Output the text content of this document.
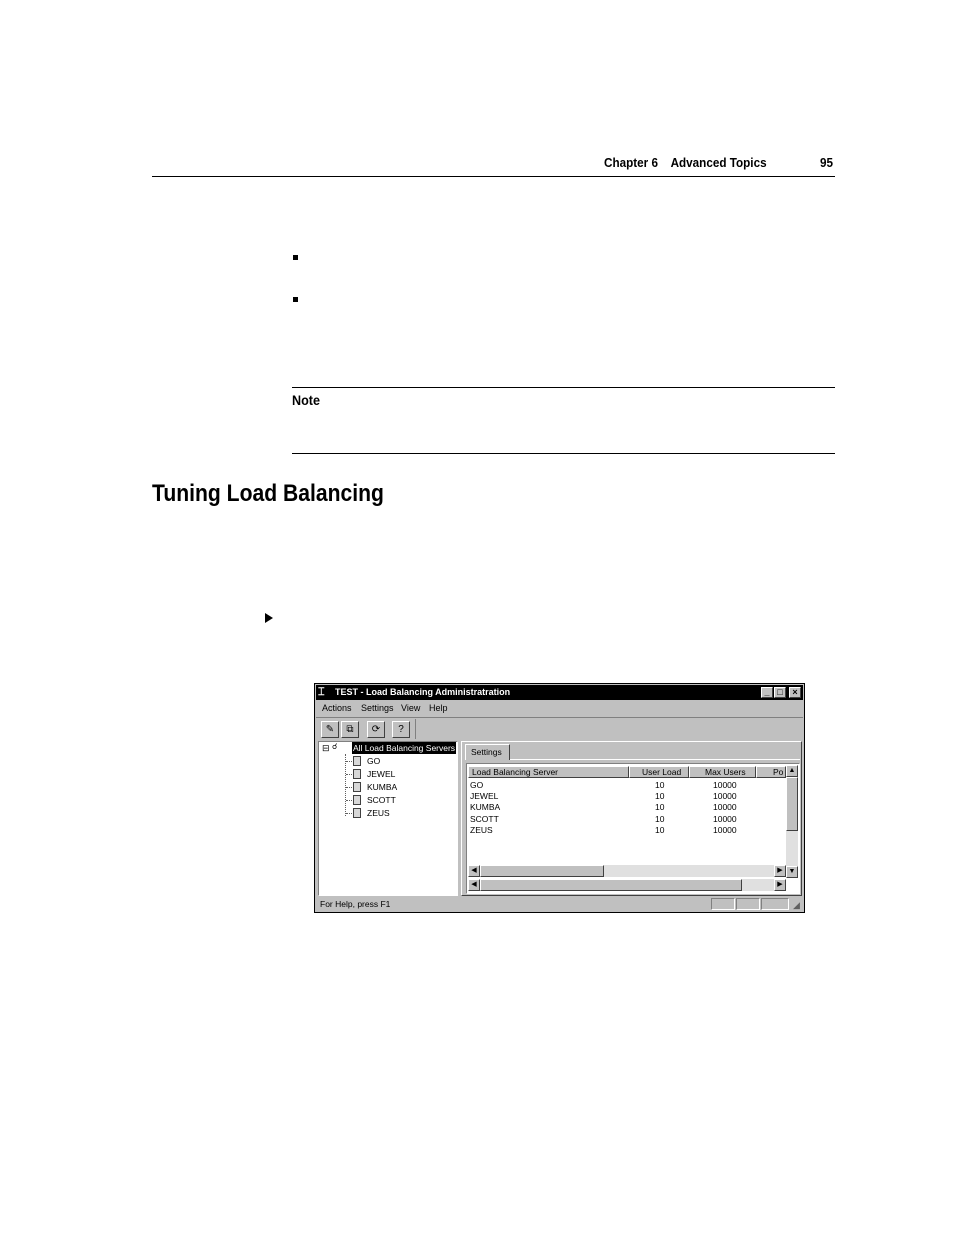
Chapter 6 Advanced Topics	95
Note
Tuning Load Balancing
⌶	TEST - Load Balancing Administratration	_ □	×
Actions Settings View Help
✎	⧉	⟳	?
⊟ ☌ All Load Balancing Servers
GO
JEWEL
KUMBA
SCOTT
ZEUS
Settings
Load Balancing Server	User Load	Max Users	Po
GO	10	10000
JEWEL	10	10000
KUMBA	10	10000
SCOTT	10	10000
ZEUS	10	10000
▲
▼
◀	▶
◀	▶
For Help, press F1	◢
